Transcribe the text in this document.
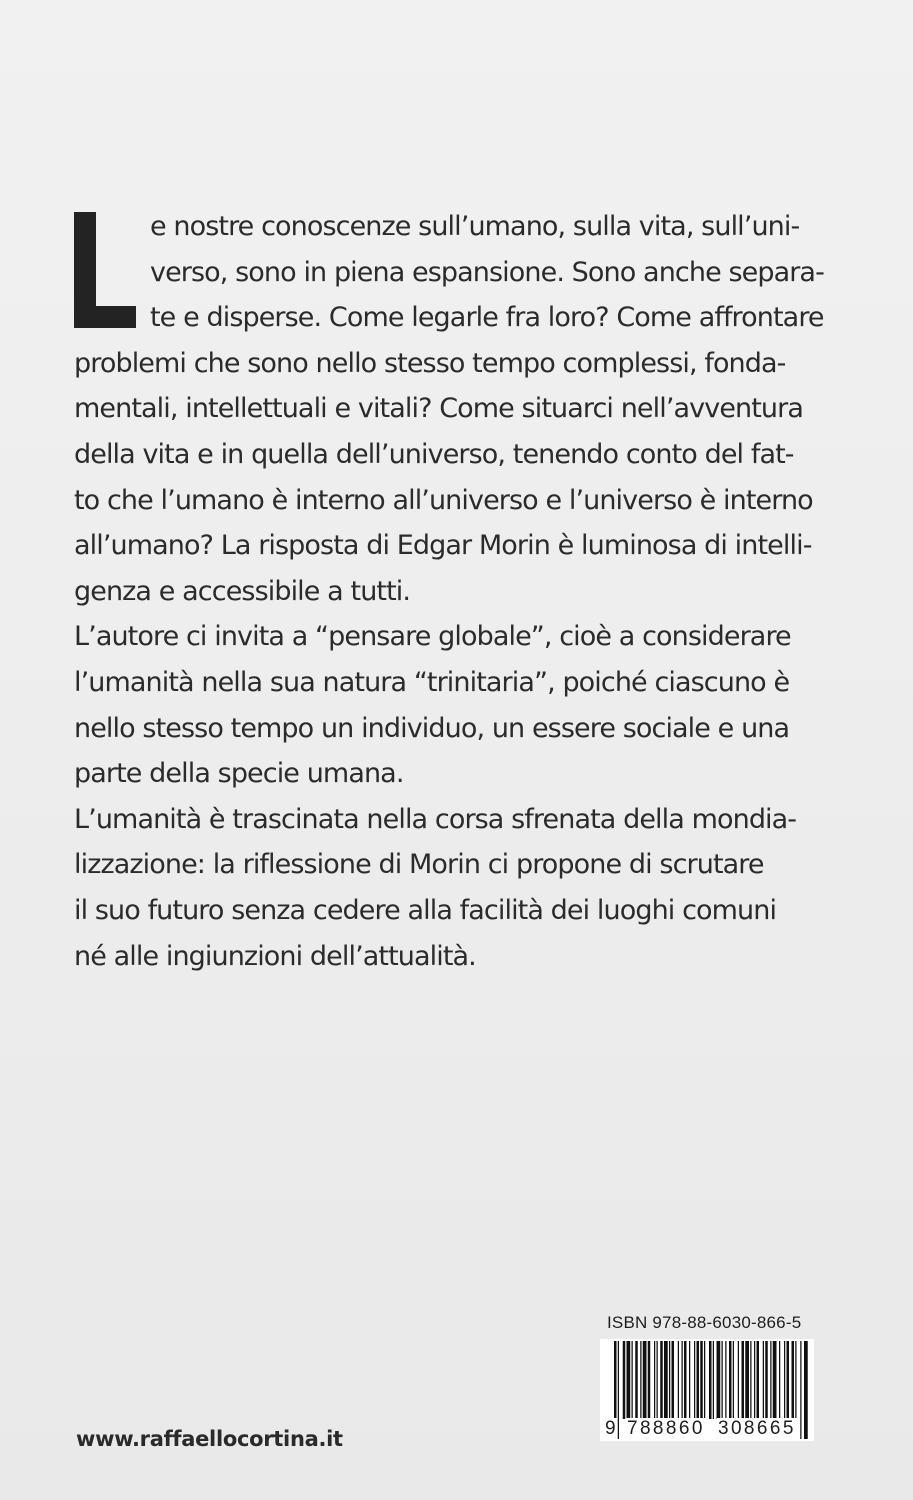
e nostre conoscenze sull’umano, sulla vita, sull’uni-
verso, sono in piena espansione. Sono anche separa-
te e disperse. Come legarle fra loro? Come affrontare
problemi che sono nello stesso tempo complessi, fonda-
mentali, intellettuali e vitali? Come situarci nell’avventura
della vita e in quella dell’universo, tenendo conto del fat-
to che l’umano è interno all’universo e l’universo è interno
all’umano? La risposta di Edgar Morin è luminosa di intelli-
genza e accessibile a tutti.
L’autore ci invita a “pensare globale”, cioè a considerare
l’umanità nella sua natura “trinitaria”, poiché ciascuno è
nello stesso tempo un individuo, un essere sociale e una
parte della specie umana.
L’umanità è trascinata nella corsa sfrenata della mondia-
lizzazione: la riflessione di Morin ci propone di scrutare
il suo futuro senza cedere alla facilità dei luoghi comuni
né alle ingiunzioni dell’attualità.
ISBN 978-88-6030-866-5
9 788860 308665
www.raffaellocortina.it
